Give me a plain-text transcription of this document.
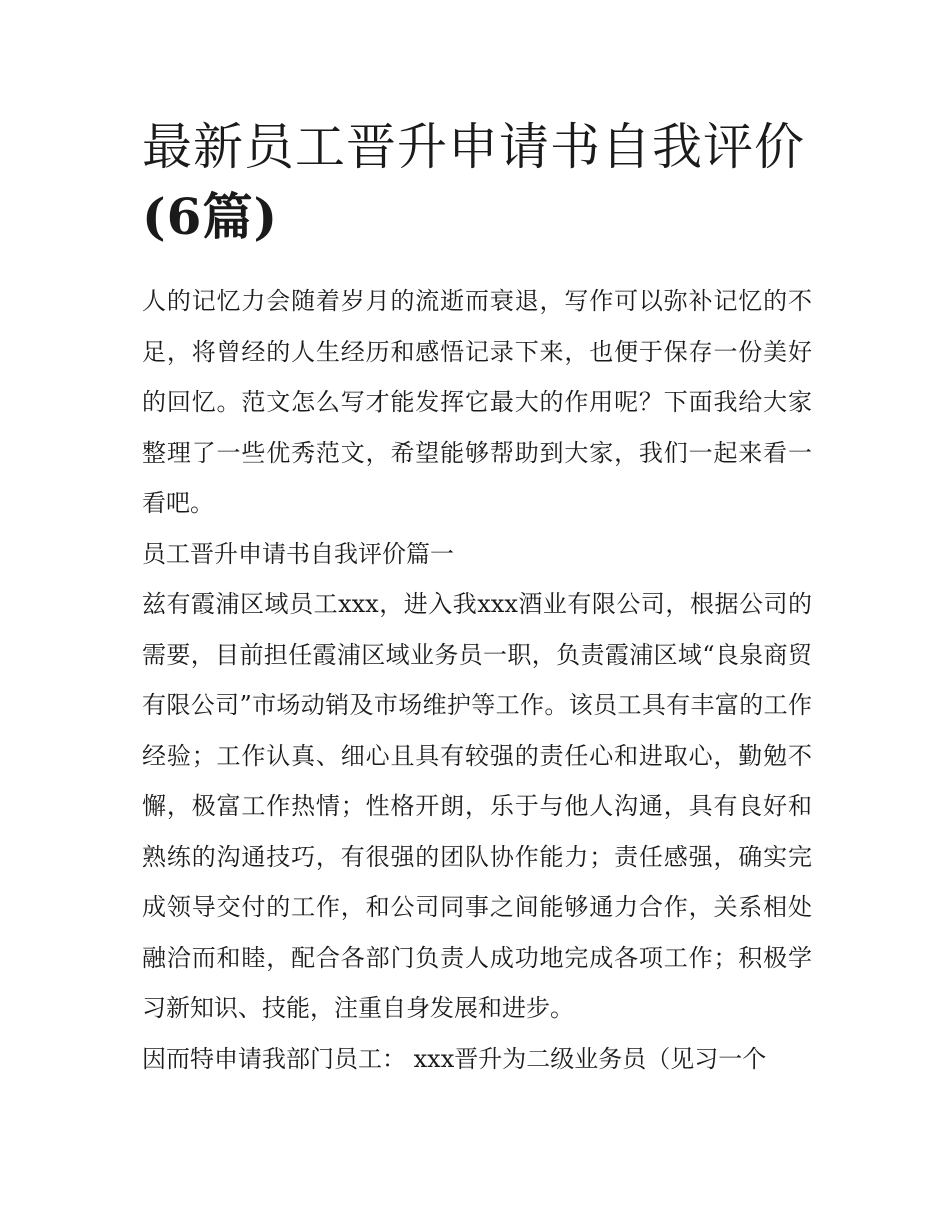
最新员工晋升申请书自我评价
(6篇)

人的记忆力会随着岁月的流逝而衰退，写作可以弥补记忆的不足，将曾经的人生经历和感悟记录下来，也便于保存一份美好的回忆。范文怎么写才能发挥它最大的作用呢？下面我给大家整理了一些优秀范文，希望能够帮助到大家，我们一起来看一看吧。

员工晋升申请书自我评价篇一

兹有霞浦区域员工xxx，进入我xxx酒业有限公司，根据公司的需要，目前担任霞浦区域业务员一职，负责霞浦区域“良泉商贸有限公司”市场动销及市场维护等工作。该员工具有丰富的工作经验；工作认真、细心且具有较强的责任心和进取心，勤勉不懈，极富工作热情；性格开朗，乐于与他人沟通，具有良好和熟练的沟通技巧，有很强的团队协作能力；责任感强，确实完成领导交付的工作，和公司同事之间能够通力合作，关系相处融洽而和睦，配合各部门负责人成功地完成各项工作；积极学习新知识、技能，注重自身发展和进步。

因而特申请我部门员工： xxx晋升为二级业务员（见习一个
